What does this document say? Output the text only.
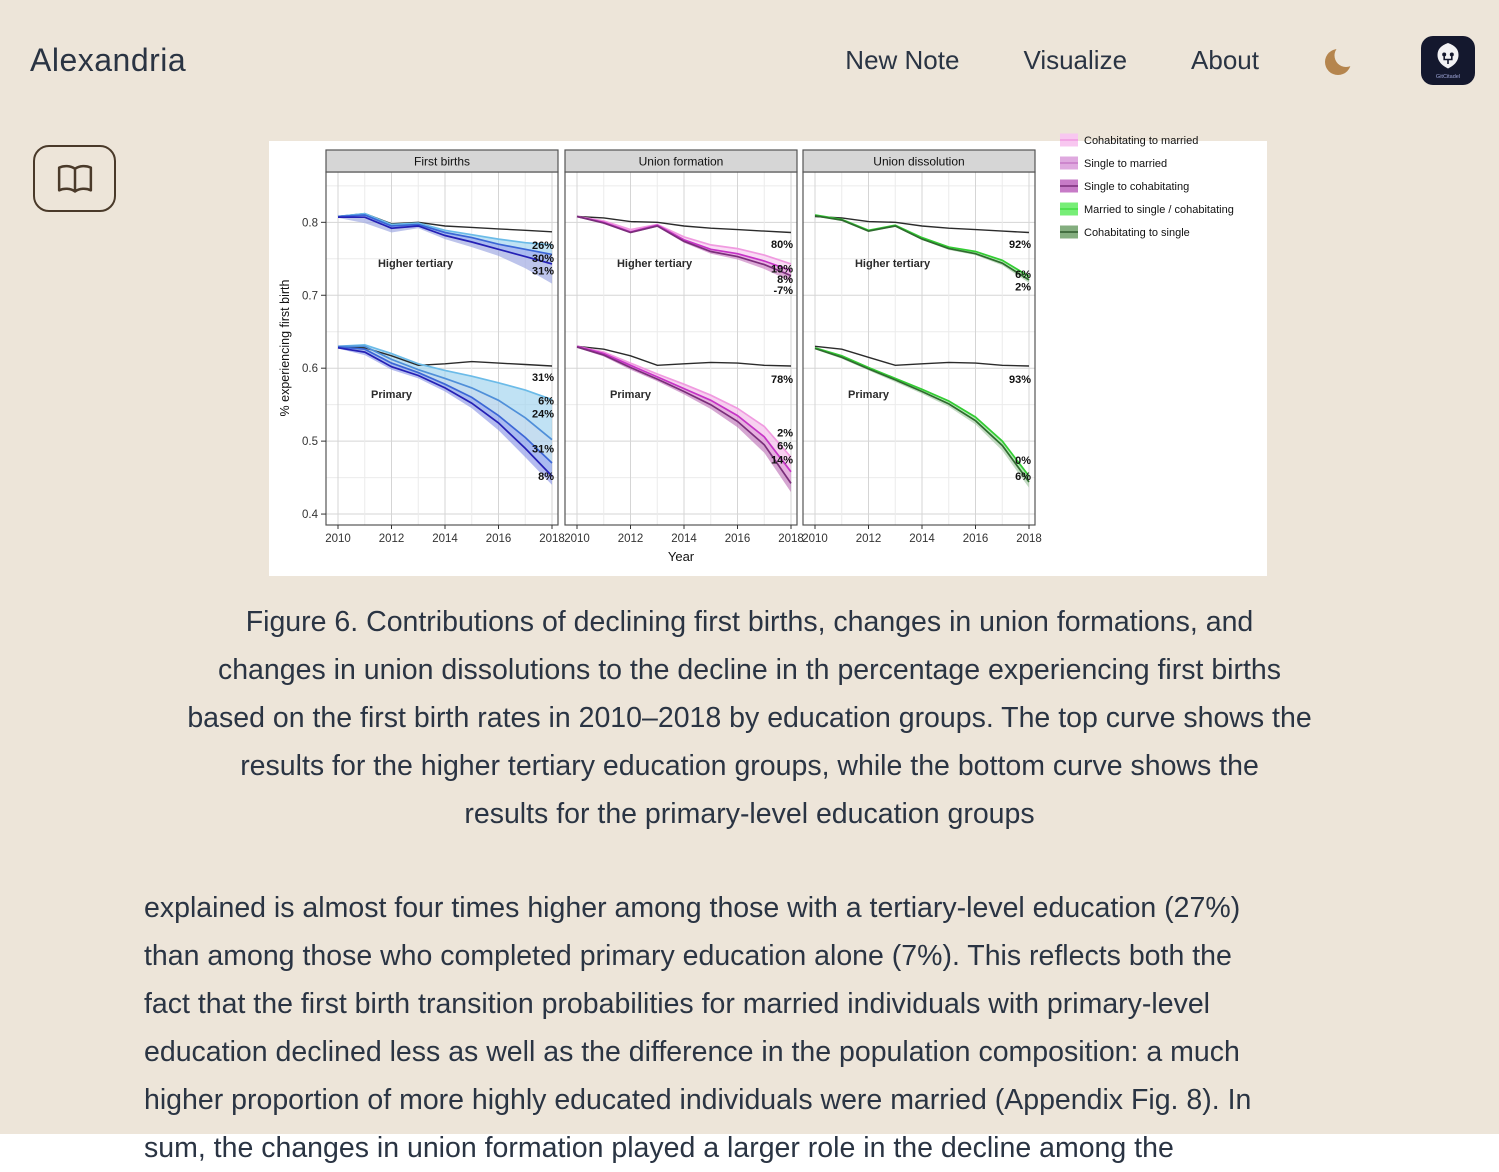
Alexandria	New Note Visualize About
GitCitadel
Higher tertiary
26%
30%
31%
Primary
31%
6%
24%
31%
8%
First births
2010 2012 2014 2016 2018
Higher tertiary
80%
19%
8%
-7%
Primary
78%
2%
6%
14%
Union formation
2010 2012 2014 2016 2018
Higher tertiary
92%
6%
2%
Primary
93%
0%
6%
Union dissolution
2010 2012 2014 2016 2018
0.4
0.5
0.6
0.7
0.8
% experiencing first birth
Year
Cohabitating to married
Single to married
Single to cohabitating
Married to single / cohabitating
Cohabitating to single
Figure 6. Contributions of declining first births, changes in union formations, and
changes in union dissolutions to the decline in th percentage experiencing first births
based on the first birth rates in 2010–2018 by education groups. The top curve shows the
results for the higher tertiary education groups, while the bottom curve shows the
results for the primary-level education groups
explained is almost four times higher among those with a tertiary-level education (27%)
than among those who completed primary education alone (7%). This reflects both the
fact that the first birth transition probabilities for married individuals with primary-level
education declined less as well as the difference in the population composition: a much
higher proportion of more highly educated individuals were married (Appendix Fig. 8). In
sum, the changes in union formation played a larger role in the decline among the
